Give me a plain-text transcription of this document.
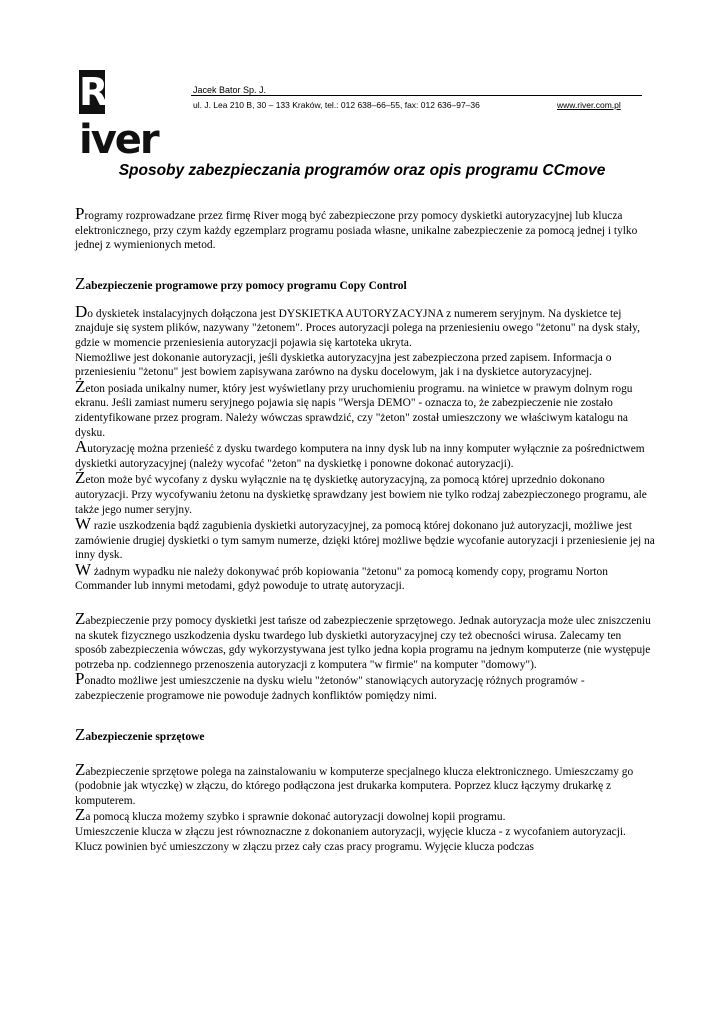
River
Jacek Bator Sp. J.
ul. J. Lea 210 B, 30 – 133 Kraków, tel.: 012 638–66–55, fax: 012 636–97–36	www.river.com.pl
Sposoby zabezpieczania programów oraz opis programu CCmove

Programy rozprowadzane przez firmę River mogą być zabezpieczone przy pomocy dyskietki autoryzacyjnej lub klucza elektronicznego, przy czym każdy egzemplarz programu posiada własne, unikalne zabezpieczenie za pomocą jednej i tylko jednej z wymienionych metod.

Zabezpieczenie programowe przy pomocy programu Copy Control

Do dyskietek instalacyjnych dołączona jest DYSKIETKA AUTORYZACYJNA z numerem seryjnym. Na dyskietce tej znajduje się system plików, nazywany "żetonem". Proces autoryzacji polega na przeniesieniu owego "żetonu" na dysk stały, gdzie w momencie przeniesienia autoryzacji pojawia się kartoteka ukryta.

Niemożliwe jest dokonanie autoryzacji, jeśli dyskietka autoryzacyjna jest zabezpieczona przed zapisem. Informacja o przeniesieniu "żetonu" jest bowiem zapisywana zarówno na dysku docelowym, jak i na dyskietce autoryzacyjnej.

Żeton posiada unikalny numer, który jest wyświetlany przy uruchomieniu programu. na winietce w prawym dolnym rogu ekranu. Jeśli zamiast numeru seryjnego pojawia się napis "Wersja DEMO" - oznacza to, że zabezpieczenie nie zostało zidentyfikowane przez program. Należy wówczas sprawdzić, czy "żeton" został umieszczony we właściwym katalogu na dysku.

Autoryzację można przenieść z dysku twardego komputera na inny dysk lub na inny komputer wyłącznie za pośrednictwem dyskietki autoryzacyjnej (należy wycofać "żeton" na dyskietkę i ponowne dokonać autoryzacji).

Żeton może być wycofany z dysku wyłącznie na tę dyskietkę autoryzacyjną, za pomocą której uprzednio dokonano autoryzacji. Przy wycofywaniu żetonu na dyskietkę sprawdzany jest bowiem nie tylko rodzaj zabezpieczonego programu, ale także jego numer seryjny.

W razie uszkodzenia bądź zagubienia dyskietki autoryzacyjnej, za pomocą której dokonano już autoryzacji, możliwe jest zamówienie drugiej dyskietki o tym samym numerze, dzięki której możliwe będzie wycofanie autoryzacji i przeniesienie jej na inny dysk.

W żadnym wypadku nie należy dokonywać prób kopiowania "żetonu" za pomocą komendy copy, programu Norton Commander lub innymi metodami, gdyż powoduje to utratę autoryzacji.

Zabezpieczenie przy pomocy dyskietki jest tańsze od zabezpieczenie sprzętowego. Jednak autoryzacja może ulec zniszczeniu na skutek fizycznego uszkodzenia dysku twardego lub dyskietki autoryzacyjnej czy też obecności wirusa. Zalecamy ten sposób zabezpieczenia wówczas, gdy wykorzystywana jest tylko jedna kopia programu na jednym komputerze (nie występuje potrzeba np. codziennego przenoszenia autoryzacji z komputera "w firmie" na komputer "domowy").

Ponadto możliwe jest umieszczenie na dysku wielu "żetonów" stanowiących autoryzację różnych programów - zabezpieczenie programowe nie powoduje żadnych konfliktów pomiędzy nimi.

Zabezpieczenie sprzętowe

Zabezpieczenie sprzętowe polega na zainstalowaniu w komputerze specjalnego klucza elektronicznego. Umieszczamy go (podobnie jak wtyczkę) w złączu, do którego podłączona jest drukarka komputera. Poprzez klucz łączymy drukarkę z komputerem.

Za pomocą klucza możemy szybko i sprawnie dokonać autoryzacji dowolnej kopii programu.

Umieszczenie klucza w złączu jest równoznaczne z dokonaniem autoryzacji, wyjęcie klucza - z wycofaniem autoryzacji. Klucz powinien być umieszczony w złączu przez cały czas pracy programu. Wyjęcie klucza podczas
